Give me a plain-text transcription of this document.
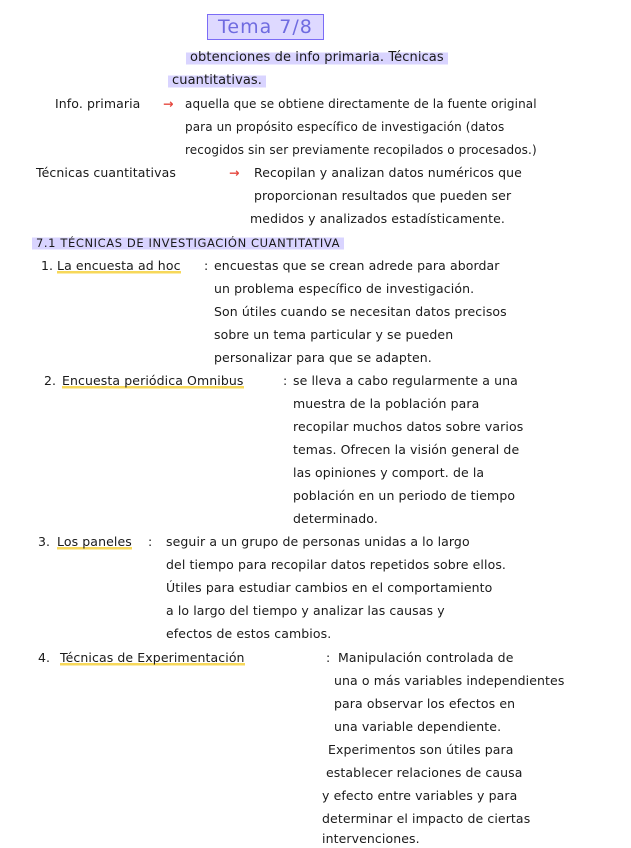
Tema 7/8
obtenciones de info primaria. Técnicas
cuantitativas.
Info. primaria → aquella que se obtiene directamente de la fuente original
para un propósito específico de investigación (datos
recogidos sin ser previamente recopilados o procesados.)
Técnicas cuantitativas	→ Recopilan y analizan datos numéricos que
proporcionan resultados que pueden ser
medidos y analizados estadísticamente.
7.1 TÉCNICAS DE INVESTIGACIÓN CUANTITATIVA
1. La encuesta ad hoc : encuestas que se crean adrede para abordar
un problema específico de investigación.
Son útiles cuando se necesitan datos precisos
sobre un tema particular y se pueden
personalizar para que se adapten.
2. Encuesta periódica Omnibus	: se lleva a cabo regularmente a una
muestra de la población para
recopilar muchos datos sobre varios
temas. Ofrecen la visión general de
las opiniones y comport. de la
población en un periodo de tiempo
determinado.
3. Los paneles : seguir a un grupo de personas unidas a lo largo
del tiempo para recopilar datos repetidos sobre ellos.
Útiles para estudiar cambios en el comportamiento
a lo largo del tiempo y analizar las causas y
efectos de estos cambios.
4. Técnicas de Experimentación	: Manipulación controlada de
una o más variables independientes
para observar los efectos en
una variable dependiente.
Experimentos son útiles para
establecer relaciones de causa
y efecto entre variables y para
determinar el impacto de ciertas
intervenciones.
